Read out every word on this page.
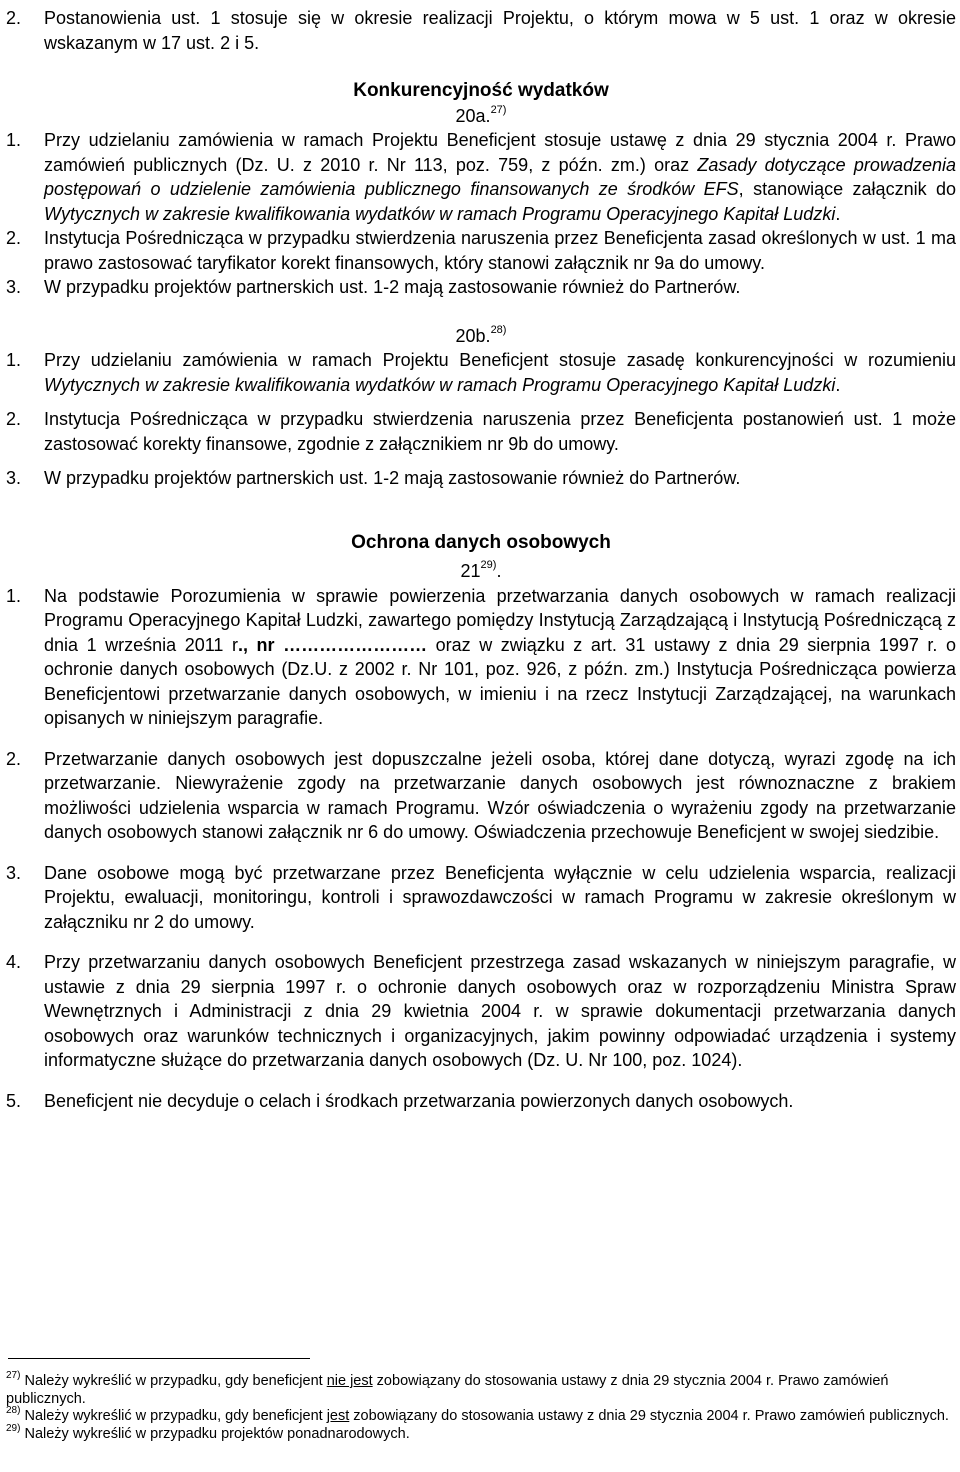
2.	Postanowienia ust. 1 stosuje się w okresie realizacji Projektu, o którym mowa w 5 ust. 1 oraz w okresie wskazanym w 17 ust. 2 i 5.
Konkurencyjność wydatków
20a.$^{27)}$
1.	Przy udzielaniu zamówienia w ramach Projektu Beneficjent stosuje ustawę z dnia 29 stycznia 2004 r. Prawo zamówień publicznych (Dz. U. z 2010 r. Nr 113, poz. 759, z późn. zm.) oraz Zasady dotyczące prowadzenia postępowań o udzielenie zamówienia publicznego finansowanych ze środków EFS, stanowiące załącznik do Wytycznych w zakresie kwalifikowania wydatków w ramach Programu Operacyjnego Kapitał Ludzki.
2.	Instytucja Pośrednicząca w przypadku stwierdzenia naruszenia przez Beneficjenta zasad określonych w ust. 1 ma prawo zastosować taryfikator korekt finansowych, który stanowi załącznik nr 9a do umowy.
3.	W przypadku projektów partnerskich ust. 1-2 mają zastosowanie również do Partnerów.
20b.$^{28)}$
1.	Przy udzielaniu zamówienia w ramach Projektu Beneficjent stosuje zasadę konkurencyjności w rozumieniu Wytycznych w zakresie kwalifikowania wydatków w ramach Programu Operacyjnego Kapitał Ludzki.
2.	Instytucja Pośrednicząca w przypadku stwierdzenia naruszenia przez Beneficjenta postanowień ust. 1 może zastosować korekty finansowe, zgodnie z załącznikiem nr 9b do umowy.
3.	W przypadku projektów partnerskich ust. 1-2 mają zastosowanie również do Partnerów.
Ochrona danych osobowych
21$^{29)}$.
1.	Na podstawie Porozumienia w sprawie powierzenia przetwarzania danych osobowych w ramach realizacji Programu Operacyjnego Kapitał Ludzki, zawartego pomiędzy Instytucją Zarządzającą i Instytucją Pośredniczącą z dnia 1 września 2011 r., nr …………………… oraz w związku z art. 31 ustawy z dnia 29 sierpnia 1997 r. o ochronie danych osobowych (Dz.U. z 2002 r. Nr 101, poz. 926, z późn. zm.) Instytucja Pośrednicząca powierza Beneficjentowi przetwarzanie danych osobowych, w imieniu i na rzecz Instytucji Zarządzającej, na warunkach opisanych w niniejszym paragrafie.
2.	Przetwarzanie danych osobowych jest dopuszczalne jeżeli osoba, której dane dotyczą, wyrazi zgodę na ich przetwarzanie. Niewyrażenie zgody na przetwarzanie danych osobowych jest równoznaczne z brakiem możliwości udzielenia wsparcia w ramach Programu. Wzór oświadczenia o wyrażeniu zgody na przetwarzanie danych osobowych stanowi załącznik nr 6 do umowy. Oświadczenia przechowuje Beneficjent w swojej siedzibie.
3.	Dane osobowe mogą być przetwarzane przez Beneficjenta wyłącznie w celu udzielenia wsparcia, realizacji Projektu, ewaluacji, monitoringu, kontroli i sprawozdawczości w ramach Programu w zakresie określonym w załączniku nr 2 do umowy.
4.	Przy przetwarzaniu danych osobowych Beneficjent przestrzega zasad wskazanych w niniejszym paragrafie, w ustawie z dnia 29 sierpnia 1997 r. o ochronie danych osobowych oraz w rozporządzeniu Ministra Spraw Wewnętrznych i Administracji z dnia 29 kwietnia 2004 r. w sprawie dokumentacji przetwarzania danych osobowych oraz warunków technicznych i organizacyjnych, jakim powinny odpowiadać urządzenia i systemy informatyczne służące do przetwarzania danych osobowych (Dz. U. Nr 100, poz. 1024).
5.	Beneficjent nie decyduje o celach i środkach przetwarzania powierzonych danych osobowych.
$^{27)}$ Należy wykreślić w przypadku, gdy beneficjent nie jest zobowiązany do stosowania ustawy z dnia 29 stycznia 2004 r. Prawo zamówień publicznych.
$^{28)}$ Należy wykreślić w przypadku, gdy beneficjent jest zobowiązany do stosowania ustawy z dnia 29 stycznia 2004 r. Prawo zamówień publicznych.
$^{29)}$ Należy wykreślić w przypadku projektów ponadnarodowych.
